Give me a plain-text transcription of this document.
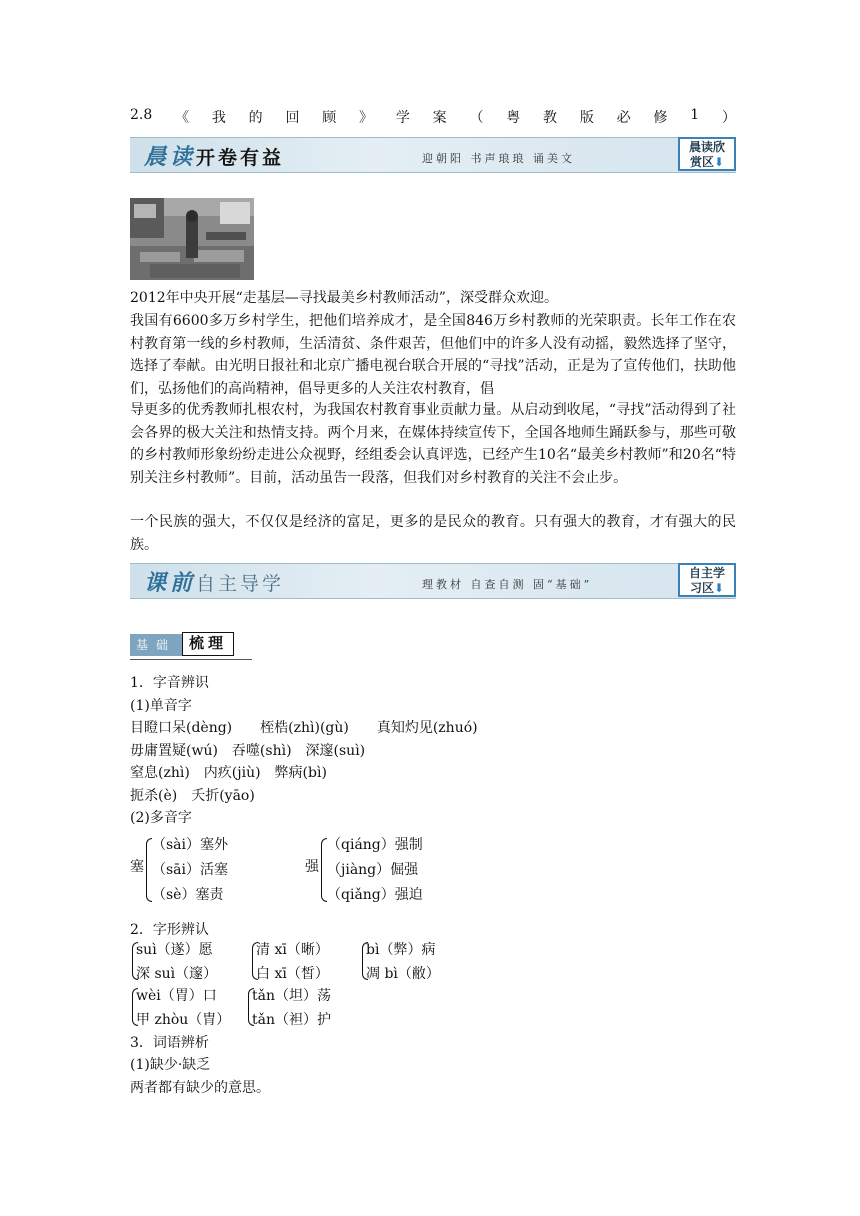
2.8 《 我 的 回 顾 》 学 案 （ 粤 教 版 必 修 1 ）
晨读开卷有益	迎朝阳 书声琅琅 诵美文
晨读欣
赏区⬇
2012年中央开展“走基层—寻找最美乡村教师活动”，深受群众欢迎。
我国有6600多万乡村学生，把他们培养成才，是全国846万乡村教师的光荣职责。长年工作在农村教育第一线的乡村教师，生活清贫、条件艰苦，但他们中的许多人没有动摇，毅然选择了坚守，选择了奉献。由光明日报社和北京广播电视台联合开展的“寻找”活动，正是为了宣传他们，扶助他们，弘扬他们的高尚精神，倡导更多的人关注农村教育，倡
导更多的优秀教师扎根农村，为我国农村教育事业贡献力量。从启动到收尾，“寻找”活动得到了社会各界的极大关注和热情支持。两个月来，在媒体持续宣传下，全国各地师生踊跃参与，那些可敬的乡村教师形象纷纷走进公众视野，经组委会认真评选，已经产生10名“最美乡村教师”和20名“特别关注乡村教师”。目前，活动虽告一段落，但我们对乡村教育的关注不会止步。
一个民族的强大，不仅仅是经济的富足，更多的是民众的教育。只有强大的教育，才有强大的民族。
课前自主导学	理教材 自查自测 固“基础”
自主学
习区⬇
基础 梳理
1．字音辨识
(1)单音字
目瞪口呆(dèng)　　桎梏(zhì)(gù)　　真知灼见(zhuó)
毋庸置疑(wú)　吞噬(shì)　深邃(suì)
窒息(zhì)　内疚(jiù)　弊病(bì)
扼杀(è)　夭折(yāo)
(2)多音字
塞
（sài）塞外
（sāi）活塞
（sè）塞责
强
（qiáng）强制
（jiàng）倔强
（qiǎng）强迫
2．字形辨认
suì（遂）愿
深 suì（邃）
清 xī（晰）
白 xī（皙）
bì（弊）病
凋 bì（敝）
wèi（胃）口
甲 zhòu（胄）
tǎn（坦）荡
tǎn（袒）护
3．词语辨析
(1)缺少·缺乏
两者都有缺少的意思。
